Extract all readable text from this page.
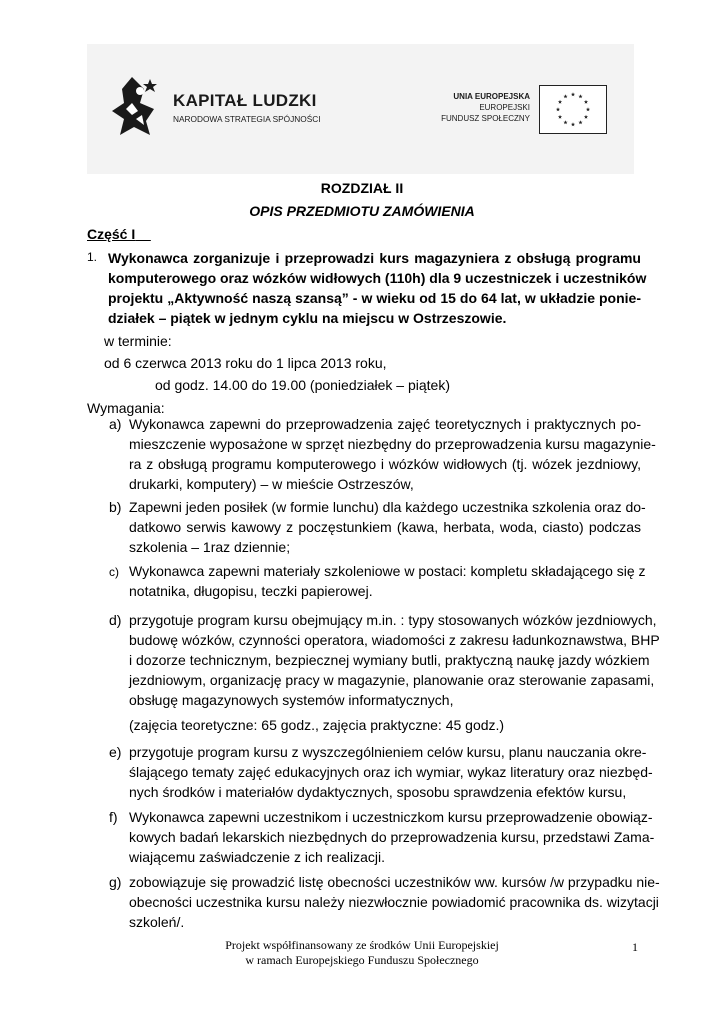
KAPITAŁ LUDZKI
NARODOWA STRATEGIA SPÓJNOŚCI
UNIA EUROPEJSKA
EUROPEJSKI
FUNDUSZ SPOŁECZNY
ROZDZIAŁ II
OPIS PRZEDMIOTU ZAMÓWIENIA
Część I
1. Wykonawca zorganizuje i przeprowadzi kurs magazyniera z obsługą programu
komputerowego oraz wózków widłowych (110h) dla 9 uczestniczek i uczestników
projektu „Aktywność naszą szansą” - w wieku od 15 do 64 lat, w układzie ponie-
działek – piątek w jednym cyklu na miejscu w Ostrzeszowie.
w terminie:
od 6 czerwca 2013 roku do 1 lipca 2013 roku,
od godz. 14.00 do 19.00 (poniedziałek – piątek)
Wymagania:
a) Wykonawca zapewni do przeprowadzenia zajęć teoretycznych i praktycznych po-
mieszczenie wyposażone w sprzęt niezbędny do przeprowadzenia kursu magazynie-
ra z obsługą programu komputerowego i wózków widłowych (tj. wózek jezdniowy,
drukarki, komputery) – w mieście Ostrzeszów,
b) Zapewni jeden posiłek (w formie lunchu) dla każdego uczestnika szkolenia oraz do-
datkowo serwis kawowy z poczęstunkiem (kawa, herbata, woda, ciasto) podczas
szkolenia – 1raz dziennie;
c) Wykonawca zapewni materiały szkoleniowe w postaci: kompletu składającego się z
notatnika, długopisu, teczki papierowej.
d) przygotuje program kursu obejmujący m.in. : typy stosowanych wózków jezdniowych,
budowę wózków, czynności operatora, wiadomości z zakresu ładunkoznawstwa, BHP
i dozorze technicznym, bezpiecznej wymiany butli, praktyczną naukę jazdy wózkiem
jezdniowym, organizację pracy w magazynie, planowanie oraz sterowanie zapasami,
obsługę magazynowych systemów informatycznych,
(zajęcia teoretyczne: 65 godz., zajęcia praktyczne: 45 godz.)
e) przygotuje program kursu z wyszczególnieniem celów kursu, planu nauczania okre-
ślającego tematy zajęć edukacyjnych oraz ich wymiar, wykaz literatury oraz niezbęd-
nych środków i materiałów dydaktycznych, sposobu sprawdzenia efektów kursu,
f) Wykonawca zapewni uczestnikom i uczestniczkom kursu przeprowadzenie obowiąz-
kowych badań lekarskich niezbędnych do przeprowadzenia kursu, przedstawi Zama-
wiającemu zaświadczenie z ich realizacji.
g) zobowiązuje się prowadzić listę obecności uczestników ww. kursów /w przypadku nie-
obecności uczestnika kursu należy niezwłocznie powiadomić pracownika ds. wizytacji
szkoleń/.
Projekt współfinansowany ze środków Unii Europejskiej
w ramach Europejskiego Funduszu Społecznego
1
